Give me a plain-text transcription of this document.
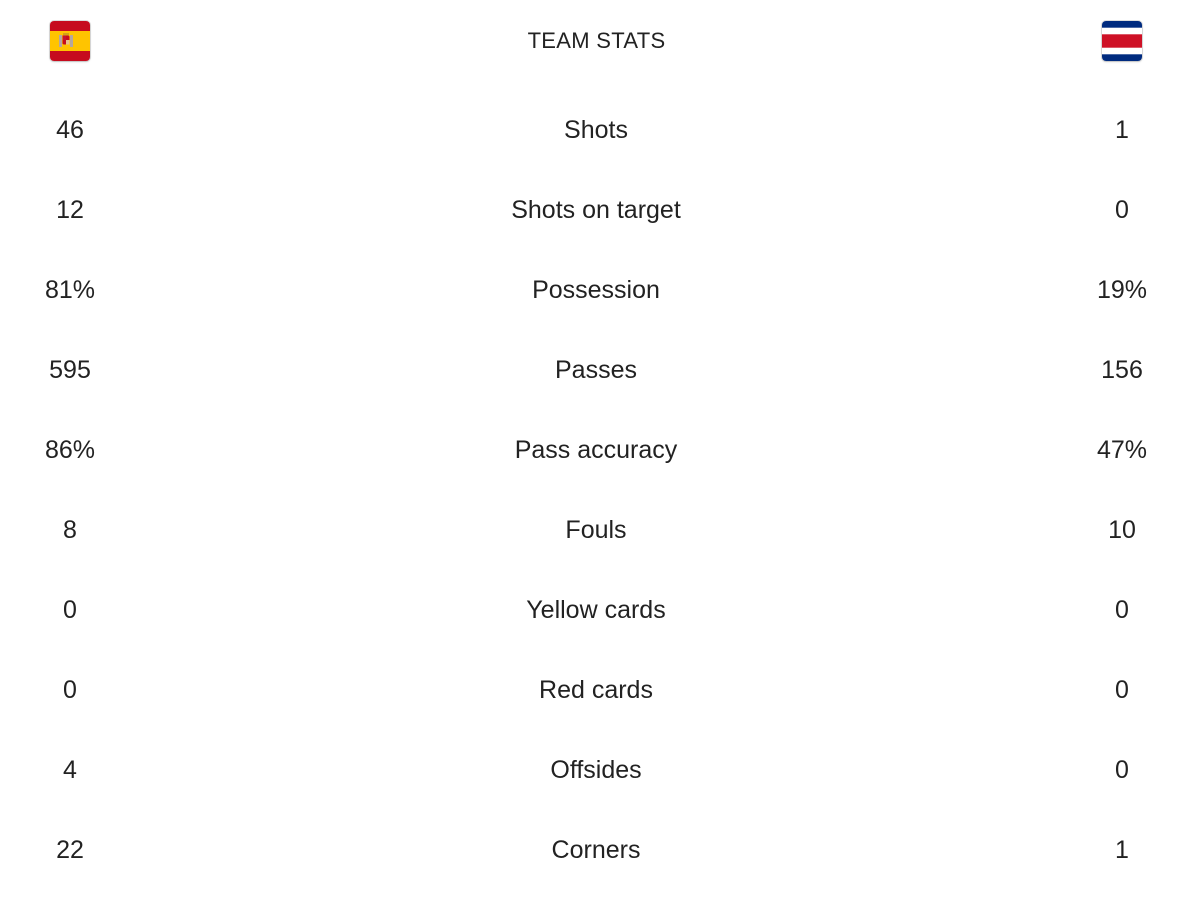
TEAM STATS
46	Shots	1
12	Shots on target	0
81%	Possession	19%
595	Passes	156
86%	Pass accuracy	47%
8	Fouls	10
0	Yellow cards	0
0	Red cards	0
4	Offsides	0
22	Corners	1
